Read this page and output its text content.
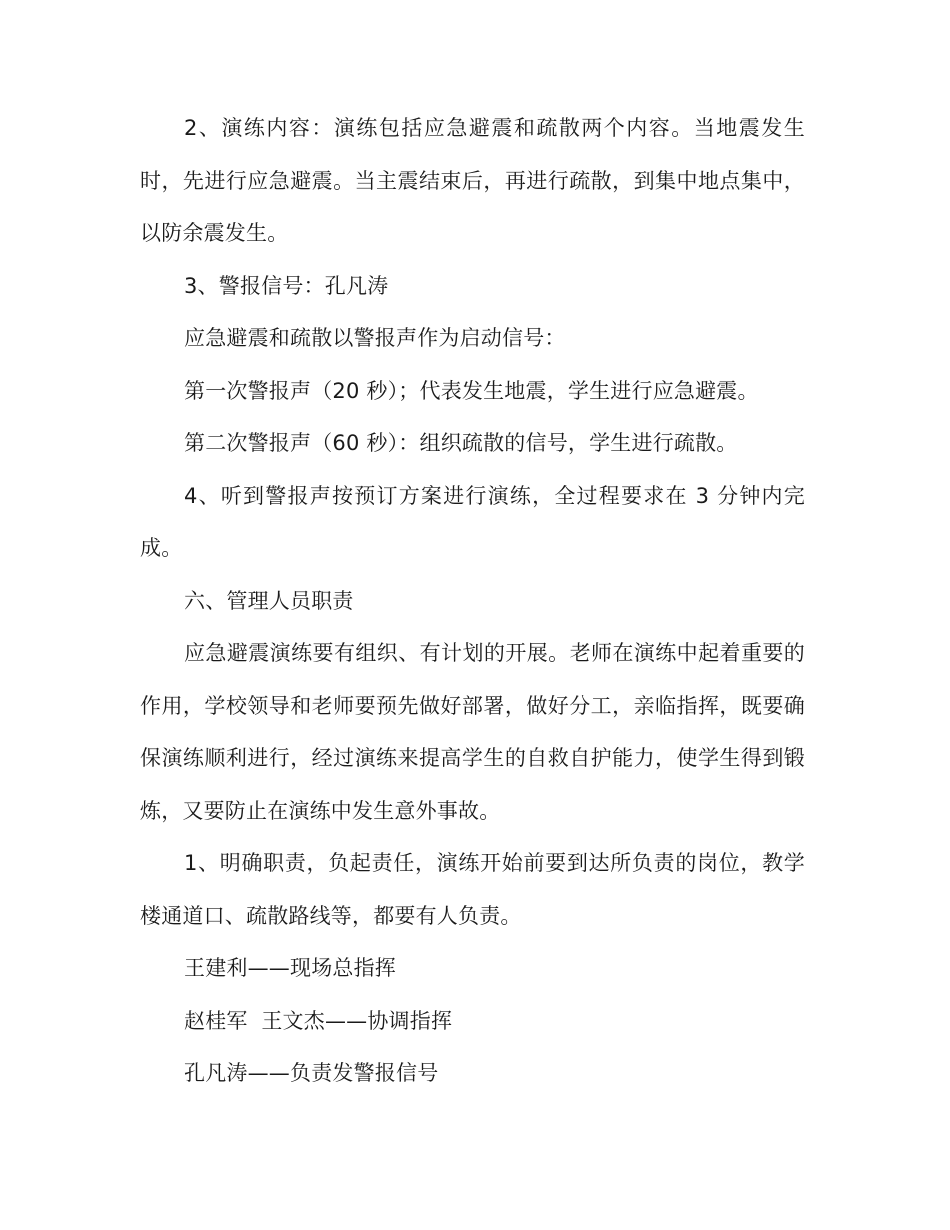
2、演练内容：演练包括应急避震和疏散两个内容。当地震发生时，先进行应急避震。当主震结束后，再进行疏散，到集中地点集中，以防余震发生。

3、警报信号：孔凡涛

应急避震和疏散以警报声作为启动信号：

第一次警报声（20 秒）；代表发生地震，学生进行应急避震。

第二次警报声（60 秒）：组织疏散的信号，学生进行疏散。

4、听到警报声按预订方案进行演练，全过程要求在 3 分钟内完成。

六、管理人员职责

应急避震演练要有组织、有计划的开展。老师在演练中起着重要的作用，学校领导和老师要预先做好部署，做好分工，亲临指挥，既要确保演练顺利进行，经过演练来提高学生的自救自护能力，使学生得到锻炼，又要防止在演练中发生意外事故。

1、明确职责，负起责任，演练开始前要到达所负责的岗位，教学楼通道口、疏散路线等，都要有人负责。

王建利——现场总指挥

赵桂军  王文杰——协调指挥

孔凡涛——负责发警报信号
